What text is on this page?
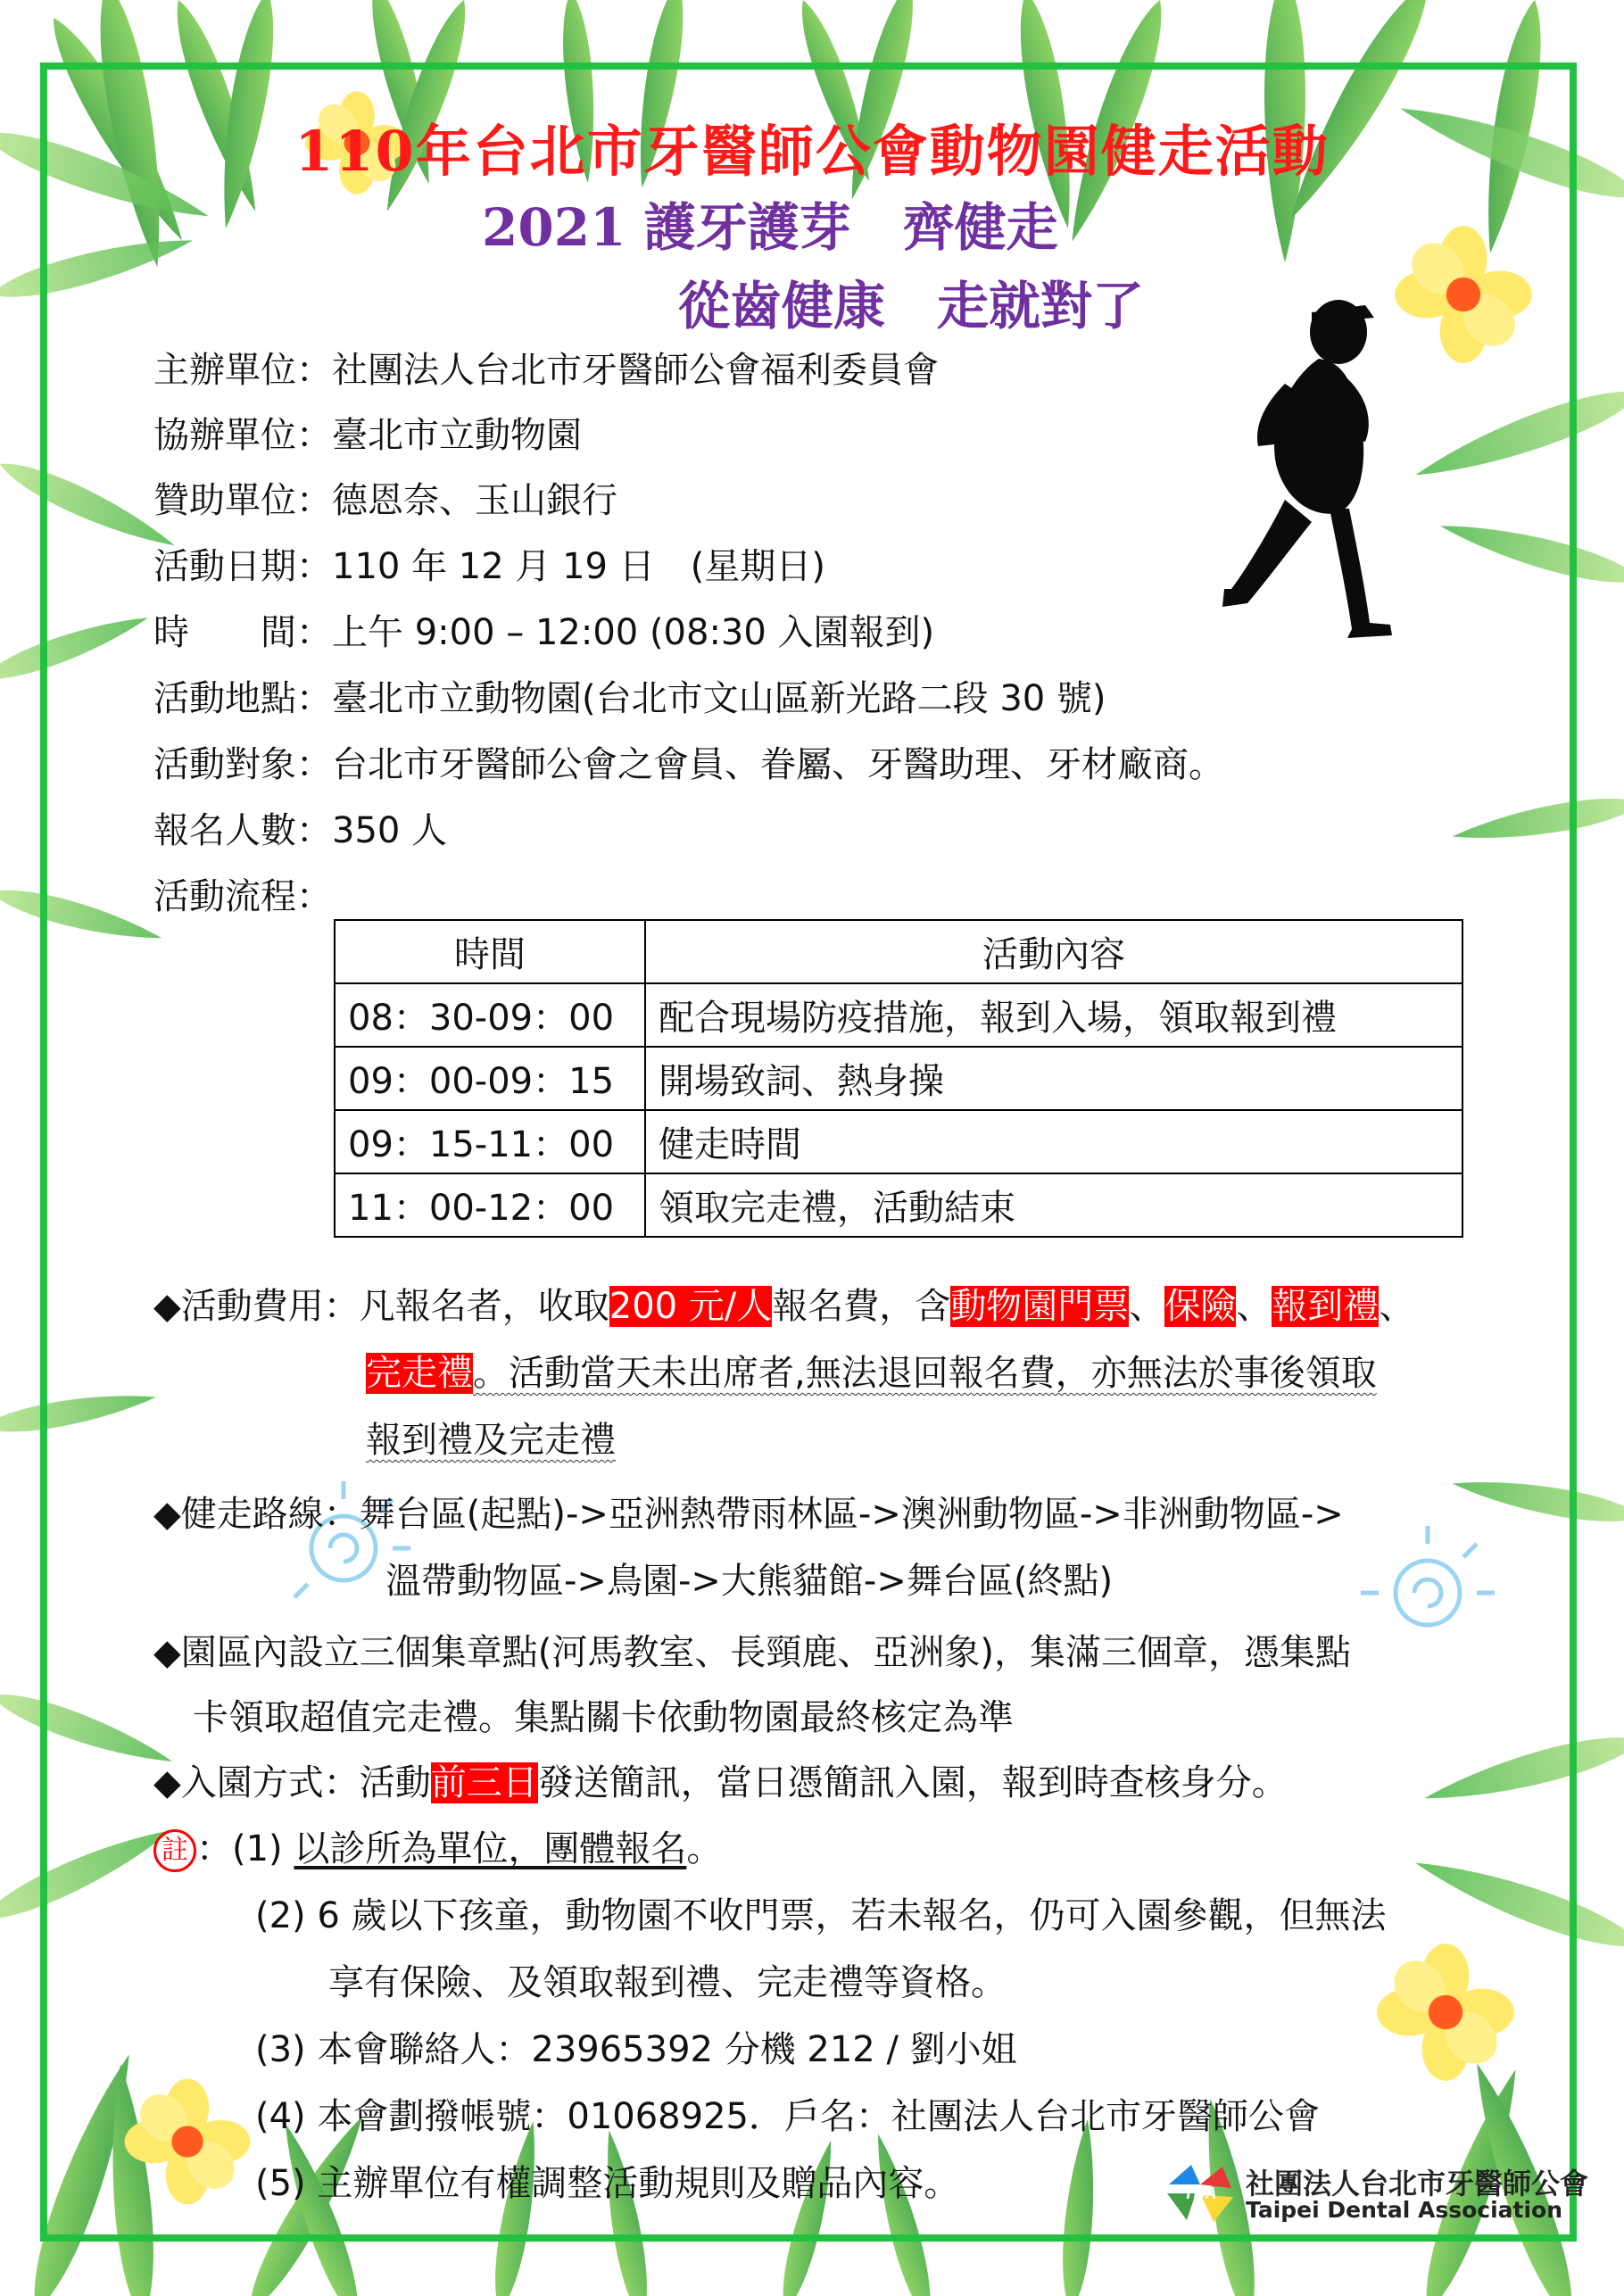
110年台北市牙醫師公會動物園健走活動
2021 護牙護芽　齊健走
從齒健康　走就對了
主辦單位：社團法人台北市牙醫師公會福利委員會
協辦單位：臺北市立動物園
贊助單位：德恩奈、玉山銀行
活動日期：110 年 12 月 19 日　(星期日)
時　　間：上午 9:00 – 12:00 (08:30 入園報到)
活動地點：臺北市立動物園(台北市文山區新光路二段 30 號)
活動對象：台北市牙醫師公會之會員、眷屬、牙醫助理、牙材廠商。
報名人數：350 人
活動流程：
時間	活動內容
08：30-09：00	配合現場防疫措施，報到入場，領取報到禮
09：00-09：15	開場致詞、熱身操
09：15-11：00	健走時間
11：00-12：00	領取完走禮，活動結束
◆活動費用：凡報名者，收取200 元/人報名費，含動物園門票、保險、報到禮、
完走禮。活動當天未出席者,無法退回報名費，亦無法於事後領取
報到禮及完走禮
◆健走路線：舞台區(起點)->亞洲熱帶雨林區->澳洲動物區->非洲動物區->
溫帶動物區->鳥園->大熊貓館->舞台區(終點)
◆園區內設立三個集章點(河馬教室、長頸鹿、亞洲象)，集滿三個章，憑集點
卡領取超值完走禮。集點關卡依動物園最終核定為準
◆入園方式：活動前三日發送簡訊，當日憑簡訊入園，報到時查核身分。
註 ：(1) 以診所為單位，團體報名。
(2) 6 歲以下孩童，動物園不收門票，若未報名，仍可入園參觀，但無法
享有保險、及領取報到禮、完走禮等資格。
(3) 本會聯絡人：23965392 分機 212 / 劉小姐
(4) 本會劃撥帳號：01068925．戶名：社團法人台北市牙醫師公會
(5) 主辦單位有權調整活動規則及贈品內容。	TDA 社團法人台北市牙醫師公會
Taipei Dental Association
